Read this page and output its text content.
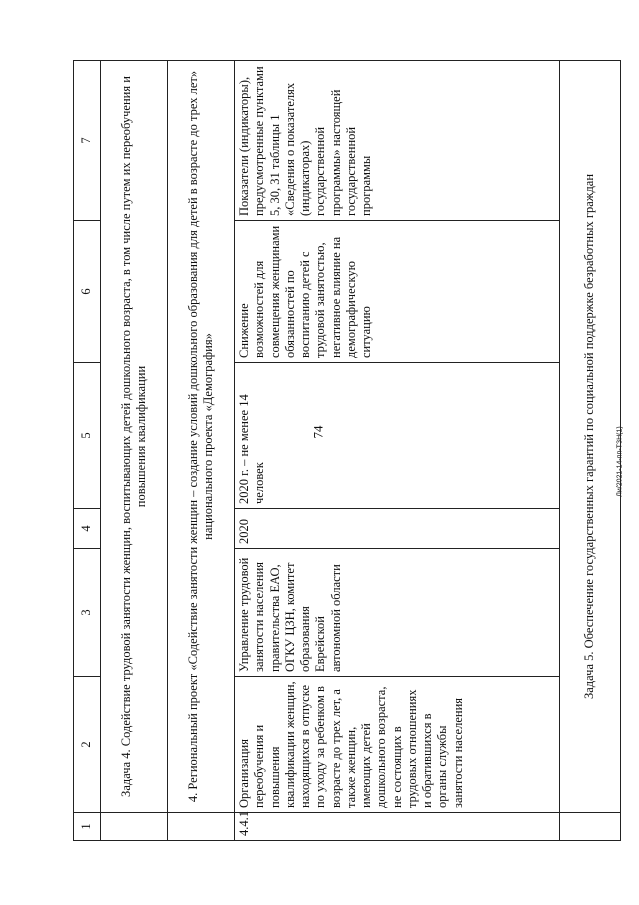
74	Ли/2021-14-пп-ТЗН(1)
1	2	3	4	5	6	7
	Задача 4. Содействие трудовой занятости женщин, воспитывающих детей дошкольного возраста, в том числе путем их переобучения и повышения квалификации					
	4. Региональный проект «Содействие занятости женщин – создание условий дошкольного образования для детей в возрасте до трех лет» национального проекта «Демография»					
4.4.1	Организация переобучения и повышения квалификации женщин, находящихся в отпуске по уходу за ребенком в возрасте до трех лет, а также женщин, имеющих детей дошкольного возраста, не состоящих в трудовых отношениях и обратившихся в органы службы занятости населения	Управление трудовой занятости населения правительства ЕАО, ОГКУ ЦЗН, комитет образования Еврейской автономной области	2020	2020 г. – не менее 14 человек	Снижение возможностей для совмещения женщинами обязанностей по воспитанию детей с трудовой занятостью, негативное влияние на демографическую ситуацию	Показатели (индикаторы), предусмотренные пунктами 5, 30, 31 таблицы 1 «Сведения о показателях (индикаторах) государственной программы» настоящей государственной программы
	Задача 5. Обеспечение государственных гарантий по социальной поддержке безработных граждан					
